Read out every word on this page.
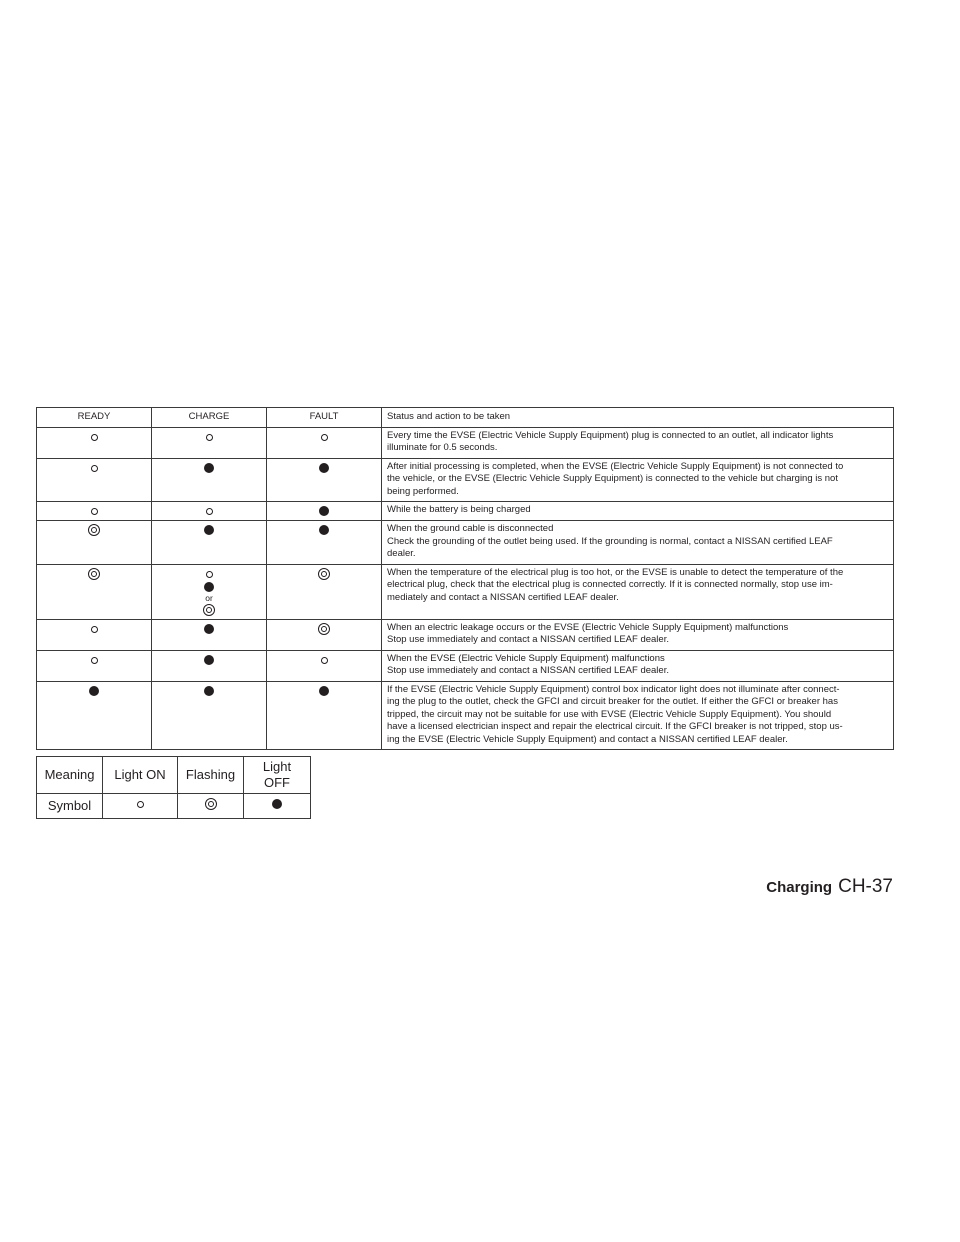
READY	CHARGE	FAULT	Status and action to be taken

			Every time the EVSE (Electric Vehicle Supply Equipment) plug is connected to an outlet, all indicator lights
illuminate for 0.5 seconds.

			After initial processing is completed, when the EVSE (Electric Vehicle Supply Equipment) is not connected to
the vehicle, or the EVSE (Electric Vehicle Supply Equipment) is connected to the vehicle but charging is not
being performed.

			While the battery is being charged

			When the ground cable is disconnected
Check the grounding of the outlet being used. If the grounding is normal, contact a NISSAN certified LEAF
dealer.

	or		When the temperature of the electrical plug is too hot, or the EVSE is unable to detect the temperature of the
electrical plug, check that the electrical plug is connected correctly. If it is connected normally, stop use im-
mediately and contact a NISSAN certified LEAF dealer.

			When an electric leakage occurs or the EVSE (Electric Vehicle Supply Equipment) malfunctions
Stop use immediately and contact a NISSAN certified LEAF dealer.

			When the EVSE (Electric Vehicle Supply Equipment) malfunctions
Stop use immediately and contact a NISSAN certified LEAF dealer.

			If the EVSE (Electric Vehicle Supply Equipment) control box indicator light does not illuminate after connect-
ing the plug to the outlet, check the GFCI and circuit breaker for the outlet. If either the GFCI or breaker has
tripped, the circuit may not be suitable for use with EVSE (Electric Vehicle Supply Equipment). You should
have a licensed electrician inspect and repair the electrical circuit. If the GFCI breaker is not tripped, stop us-
ing the EVSE (Electric Vehicle Supply Equipment) and contact a NISSAN certified LEAF dealer.
Meaning	Light ON	Flashing	Light OFF
Symbol			
Charging CH-37
